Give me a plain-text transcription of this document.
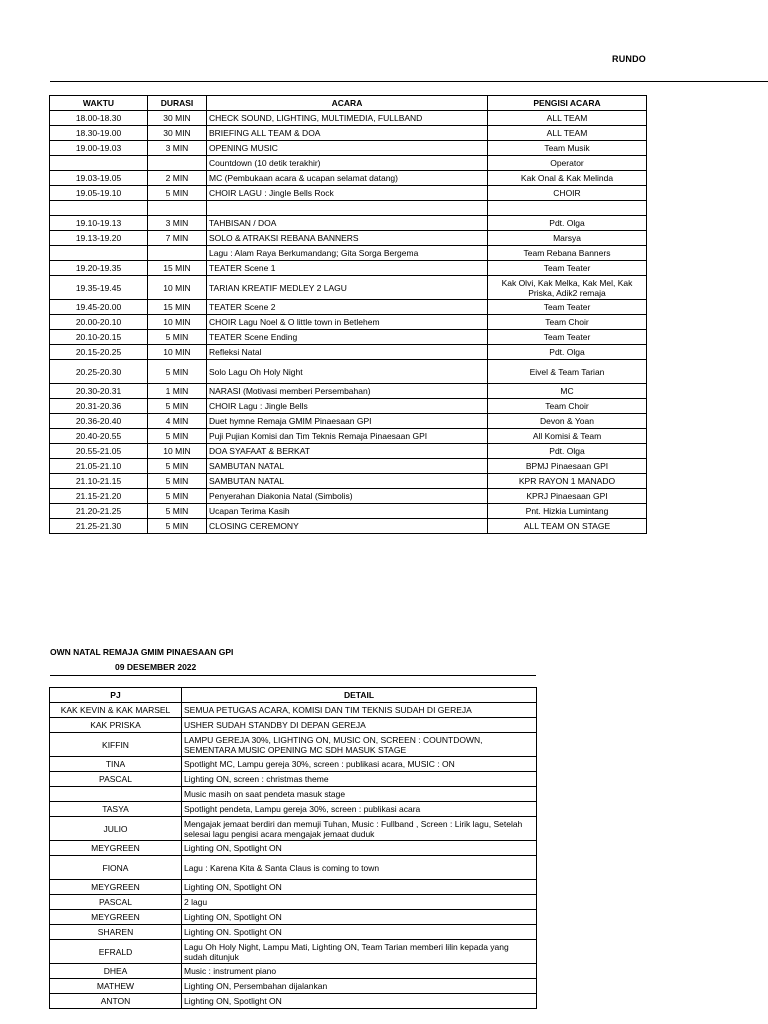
RUNDO
WAKTU	DURASI	ACARA	PENGISI ACARA
18.00-18.30	30 MIN	CHECK SOUND, LIGHTING, MULTIMEDIA, FULLBAND	ALL TEAM
18.30-19.00	30 MIN	BRIEFING ALL TEAM & DOA	ALL TEAM
19.00-19.03	3 MIN	OPENING MUSIC	Team Musik
		Countdown (10 detik terakhir)	Operator
19.03-19.05	2 MIN	MC (Pembukaan acara & ucapan selamat datang)	Kak Onal & Kak Melinda
19.05-19.10	5 MIN	CHOIR LAGU : Jingle Bells Rock	CHOIR

19.10-19.13	3 MIN	TAHBISAN / DOA	Pdt. Olga
19.13-19.20	7 MIN	SOLO & ATRAKSI REBANA BANNERS	Marsya
		Lagu : Alam Raya Berkumandang; Gita Sorga Bergema	Team Rebana Banners
19.20-19.35	15 MIN	TEATER Scene 1	Team Teater
19.35-19.45	10 MIN	TARIAN KREATIF MEDLEY 2 LAGU	Kak Olvi, Kak Melka, Kak Mel, Kak Priska, Adik2 remaja
19.45-20.00	15 MIN	TEATER Scene 2	Team Teater
20.00-20.10	10 MIN	CHOIR Lagu Noel & O little town in Betlehem	Team Choir
20.10-20.15	5 MIN	TEATER Scene Ending	Team Teater
20.15-20.25	10 MIN	Refleksi Natal	Pdt. Olga
20.25-20.30	5 MIN	Solo Lagu Oh Holy Night	Eivel & Team Tarian
20.30-20.31	1 MIN	NARASI (Motivasi memberi Persembahan)	MC
20.31-20.36	5 MIN	CHOIR Lagu : Jingle Bells	Team Choir
20.36-20.40	4 MIN	Duet hymne Remaja GMIM Pinaesaan GPI	Devon & Yoan
20.40-20.55	5 MIN	Puji Pujian Komisi dan Tim Teknis Remaja Pinaesaan GPI	All Komisi & Team
20.55-21.05	10 MIN	DOA SYAFAAT & BERKAT	Pdt. Olga
21.05-21.10	5 MIN	SAMBUTAN NATAL	BPMJ Pinaesaan GPI
21.10-21.15	5 MIN	SAMBUTAN NATAL	KPR RAYON 1 MANADO
21.15-21.20	5 MIN	Penyerahan Diakonia Natal (Simbolis)	KPRJ Pinaesaan GPI
21.20-21.25	5 MIN	Ucapan Terima Kasih	Pnt. Hizkia Lumintang
21.25-21.30	5 MIN	CLOSING CEREMONY	ALL TEAM ON STAGE
OWN NATAL REMAJA GMIM PINAESAAN GPI
09 DESEMBER 2022
PJ	DETAIL
KAK KEVIN & KAK MARSEL	SEMUA PETUGAS ACARA, KOMISI DAN TIM TEKNIS SUDAH DI GEREJA
KAK PRISKA	USHER SUDAH STANDBY DI DEPAN GEREJA
KIFFIN	LAMPU GEREJA 30%, LIGHTING ON, MUSIC ON, SCREEN : COUNTDOWN, SEMENTARA MUSIC OPENING MC SDH MASUK STAGE
TINA	Spotlight MC, Lampu gereja 30%, screen : publikasi acara, MUSIC : ON
PASCAL	Lighting ON, screen : christmas theme
	Music masih on saat pendeta masuk stage
TASYA	Spotlight pendeta, Lampu gereja 30%, screen : publikasi acara
JULIO	Mengajak jemaat berdiri dan memuji Tuhan, Music : Fullband , Screen : Lirik lagu, Setelah selesai lagu pengisi acara mengajak jemaat duduk
MEYGREEN	Lighting ON, Spotlight ON
FIONA	Lagu : Karena Kita & Santa Claus is coming to town
MEYGREEN	Lighting ON, Spotlight ON
PASCAL	2 lagu
MEYGREEN	Lighting ON, Spotlight ON
SHAREN	Lighting ON. Spotlight ON
EFRALD	Lagu Oh Holy Night, Lampu Mati, Lighting ON, Team Tarian memberi lilin kepada yang sudah ditunjuk
DHEA	Music : instrument piano
MATHEW	Lighting ON, Persembahan dijalankan
ANTON	Lighting ON, Spotlight ON
